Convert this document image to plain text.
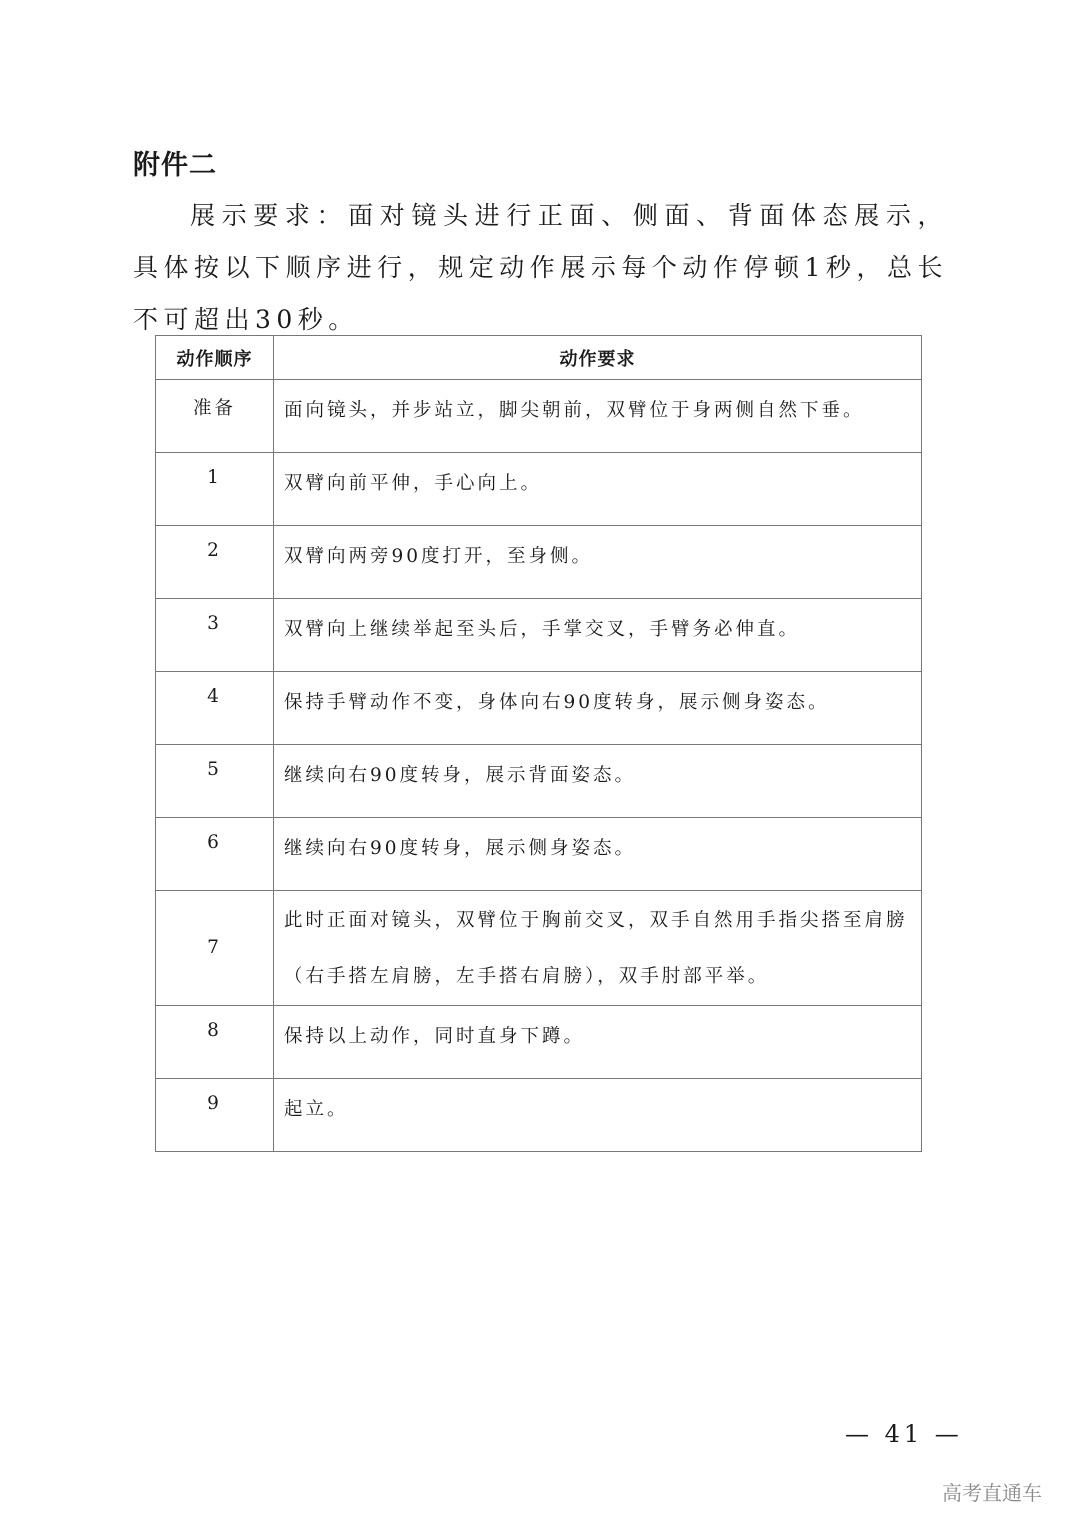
附件二

展示要求：面对镜头进行正面、侧面、背面体态展示，具体按以下顺序进行，规定动作展示每个动作停顿1秒，总长不可超出30秒。

动作顺序	动作要求
准备	面向镜头，并步站立，脚尖朝前，双臂位于身两侧自然下垂。
1	双臂向前平伸，手心向上。
2	双臂向两旁90度打开，至身侧。
3	双臂向上继续举起至头后，手掌交叉，手臂务必伸直。
4	保持手臂动作不变，身体向右90度转身，展示侧身姿态。
5	继续向右90度转身，展示背面姿态。
6	继续向右90度转身，展示侧身姿态。
7	此时正面对镜头，双臂位于胸前交叉，双手自然用手指尖搭至肩膀（右手搭左肩膀，左手搭右肩膀），双手肘部平举。
8	保持以上动作，同时直身下蹲。
9	起立。
— 41 —
高考直通车
